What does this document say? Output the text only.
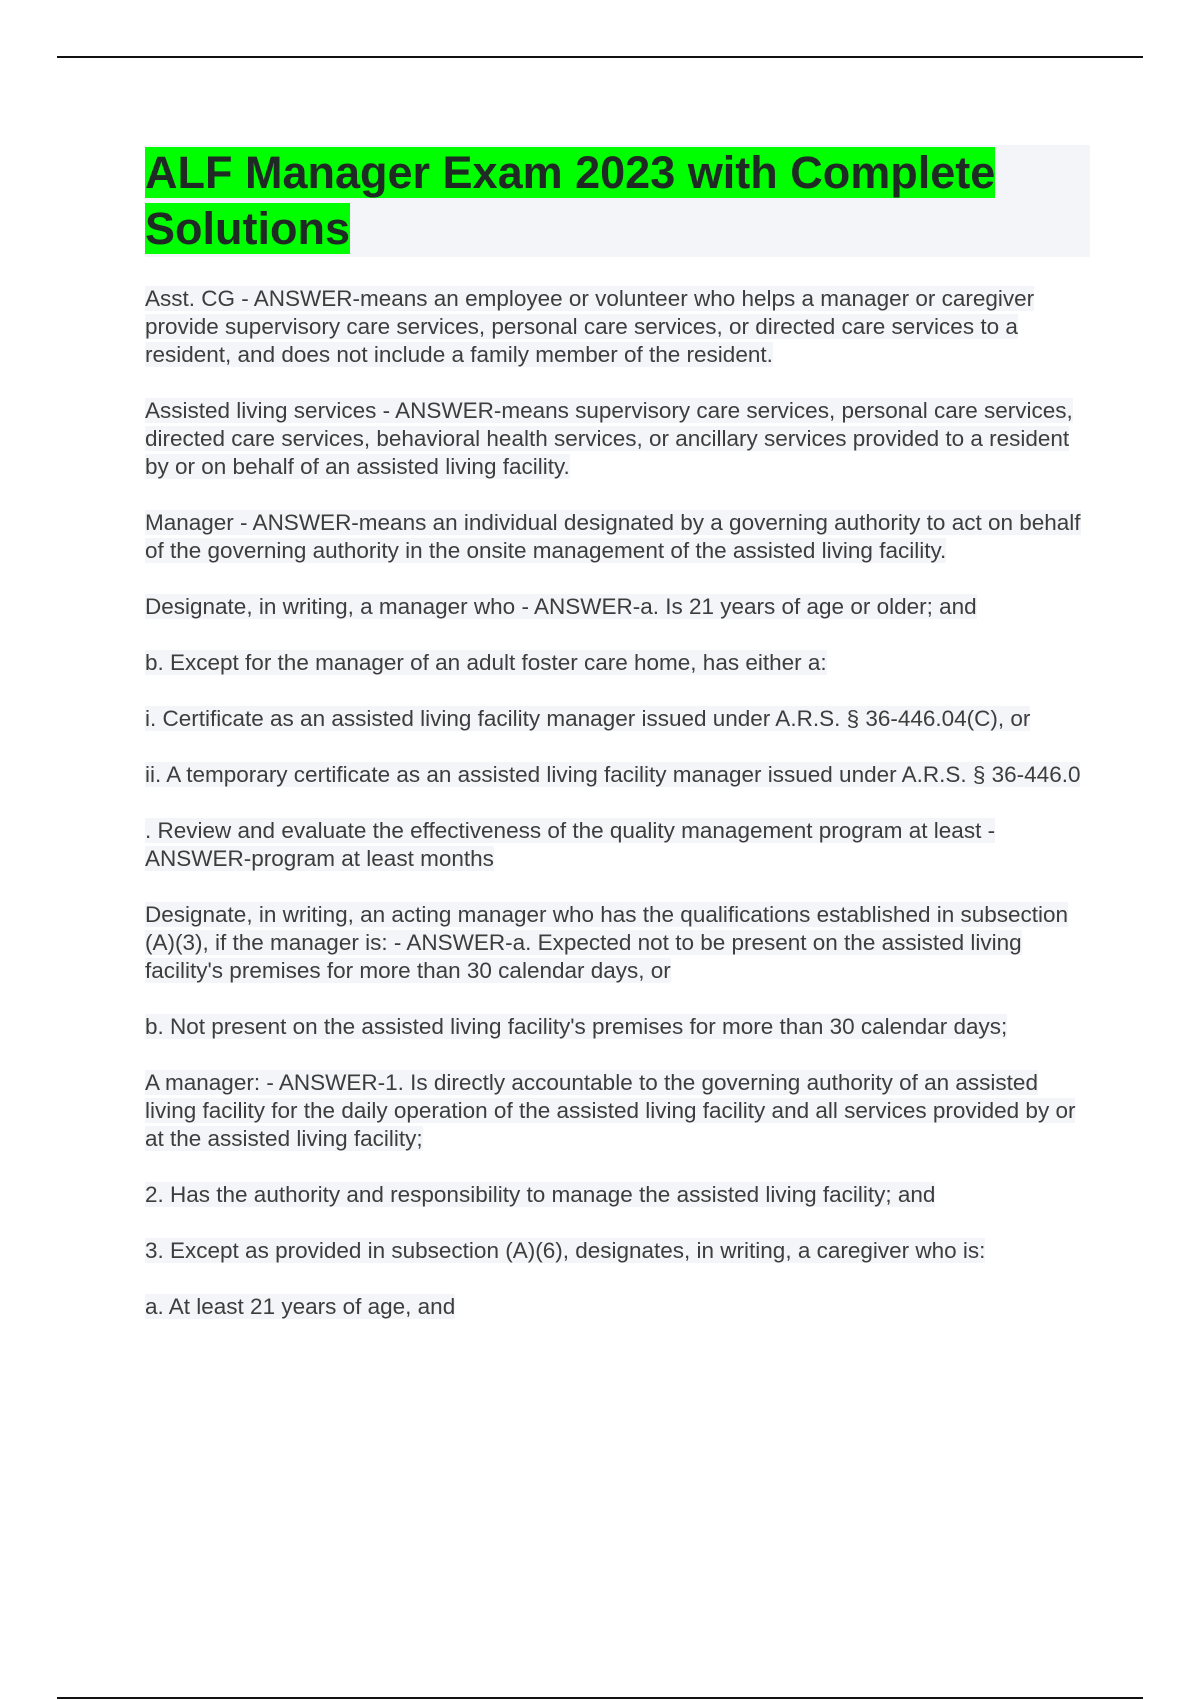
ALF Manager Exam 2023 with Complete Solutions

Asst. CG - ANSWER-means an employee or volunteer who helps a manager or caregiver provide supervisory care services, personal care services, or directed care services to a resident, and does not include a family member of the resident.

Assisted living services - ANSWER-means supervisory care services, personal care services, directed care services, behavioral health services, or ancillary services provided to a resident by or on behalf of an assisted living facility.

Manager - ANSWER-means an individual designated by a governing authority to act on behalf of the governing authority in the onsite management of the assisted living facility.

Designate, in writing, a manager who - ANSWER-a. Is 21 years of age or older; and

b. Except for the manager of an adult foster care home, has either a:

i. Certificate as an assisted living facility manager issued under A.R.S. § 36-446.04(C), or

ii. A temporary certificate as an assisted living facility manager issued under A.R.S. § 36-446.0

. Review and evaluate the effectiveness of the quality management program at least - ANSWER-program at least months

Designate, in writing, an acting manager who has the qualifications established in subsection (A)(3), if the manager is: - ANSWER-a. Expected not to be present on the assisted living facility's premises for more than 30 calendar days, or

b. Not present on the assisted living facility's premises for more than 30 calendar days;

A manager: - ANSWER-1. Is directly accountable to the governing authority of an assisted living facility for the daily operation of the assisted living facility and all services provided by or at the assisted living facility;

2. Has the authority and responsibility to manage the assisted living facility; and

3. Except as provided in subsection (A)(6), designates, in writing, a caregiver who is:

a. At least 21 years of age, and
